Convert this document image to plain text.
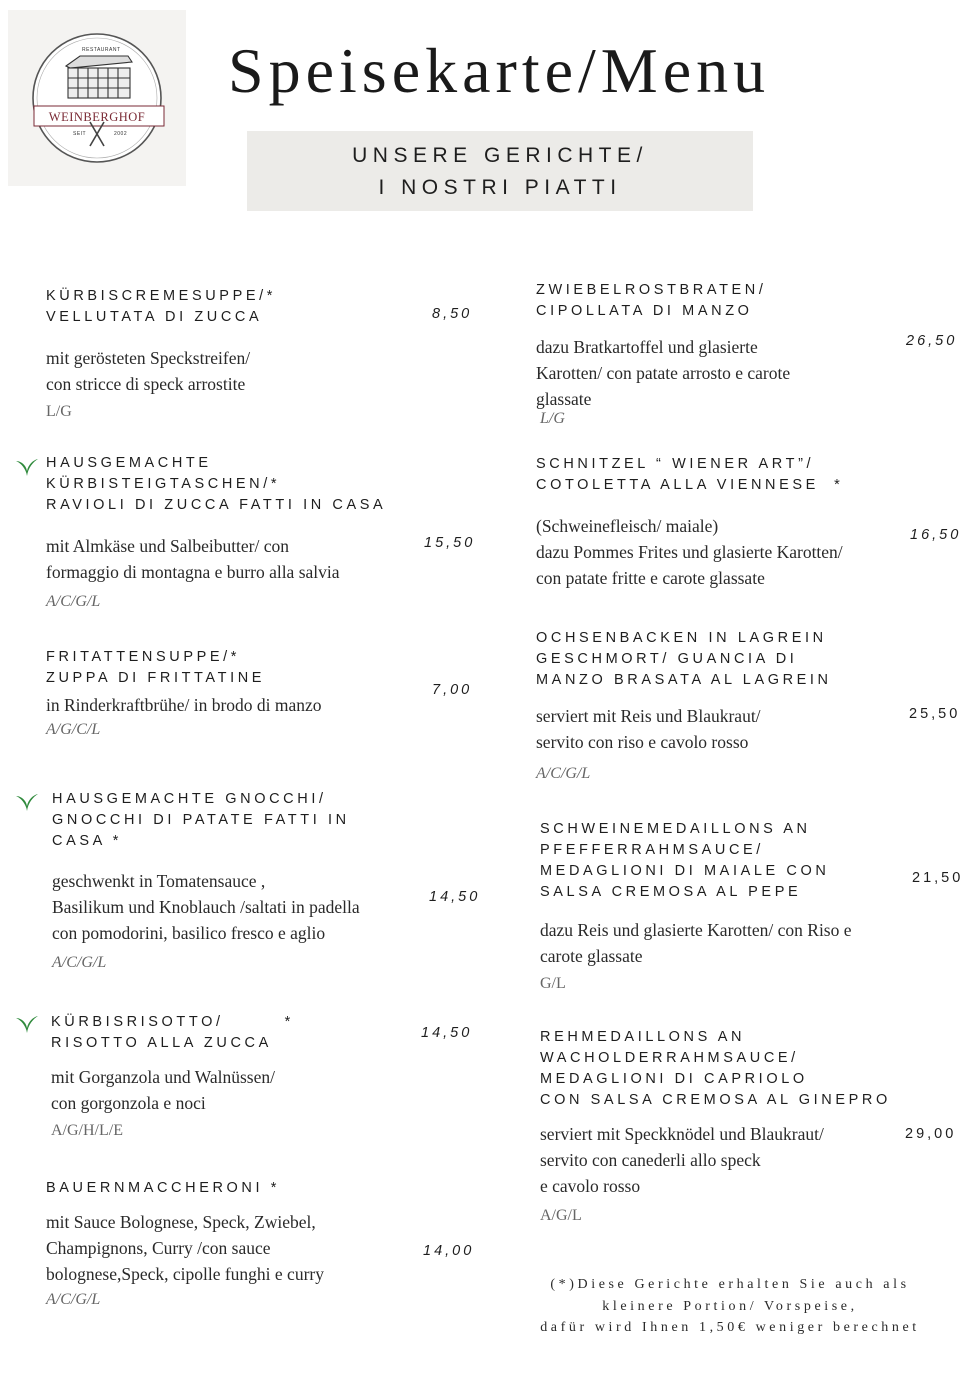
RESTAURANT
WEINBERGHOF
SEIT	2002
Speisekarte/Menu
UNSERE GERICHTE/
I NOSTRI PIATTI
KÜRBISCREMESUPPE/*
VELLUTATA DI ZUCCA

mit gerösteten Speckstreifen/
con stricce di speck arrostite

L/G

8,50
HAUSGEMACHTE
KÜRBISTEIGTASCHEN/*
RAVIOLI DI ZUCCA FATTI IN CASA

mit Almkäse und Salbeibutter/ con
formaggio di montagna e burro alla salvia

A/C/G/L

15,50
FRITATTENSUPPE/*
ZUPPA DI FRITTATINE

in Rinderkraftbrühe/ in brodo di manzo

A/G/C/L

7,00
HAUSGEMACHTE GNOCCHI/
GNOCCHI DI PATATE FATTI IN
CASA *

geschwenkt in Tomatensauce ,
Basilikum und Knoblauch /saltati in padella
con pomodorini, basilico fresco e aglio

A/C/G/L

14,50
KÜRBISRISOTTO/        *
RISOTTO ALLA ZUCCA

mit Gorganzola und Walnüssen/
con gorgonzola e noci

A/G/H/L/E

14,50
BAUERNMACCHERONI *

mit Sauce Bolognese, Speck, Zwiebel,
Champignons, Curry /con sauce
bolognese,Speck, cipolle funghi e curry

A/C/G/L

14,00
ZWIEBELROSTBRATEN/
CIPOLLATA DI MANZO

dazu Bratkartoffel und glasierte
Karotten/ con patate arrosto e carote
glassate

L/G

26,50
SCHNITZEL “ WIENER ART”/
COTOLETTA ALLA VIENNESE  *

(Schweinefleisch/ maiale)
dazu Pommes Frites und glasierte Karotten/
con patate fritte e carote glassate

16,50
OCHSENBACKEN IN LAGREIN
GESCHMORT/ GUANCIA DI
MANZO BRASATA AL LAGREIN

serviert mit Reis und Blaukraut/
servito con riso e cavolo rosso

A/C/G/L

25,50
SCHWEINEMEDAILLONS AN
PFEFFERRAHMSAUCE/
MEDAGLIONI DI MAIALE CON
SALSA CREMOSA AL PEPE

dazu Reis und glasierte Karotten/ con Riso e
carote glassate

G/L

21,50
REHMEDAILLONS AN
WACHOLDERRAHMSAUCE/
MEDAGLIONI DI CAPRIOLO
CON SALSA CREMOSA AL GINEPRO

serviert mit Speckknödel und Blaukraut/
servito con canederli allo speck
e cavolo rosso

A/G/L

29,00
(*)Diese Gerichte erhalten Sie auch als
kleinere Portion/ Vorspeise,
dafür wird Ihnen 1,50€ weniger berechnet
